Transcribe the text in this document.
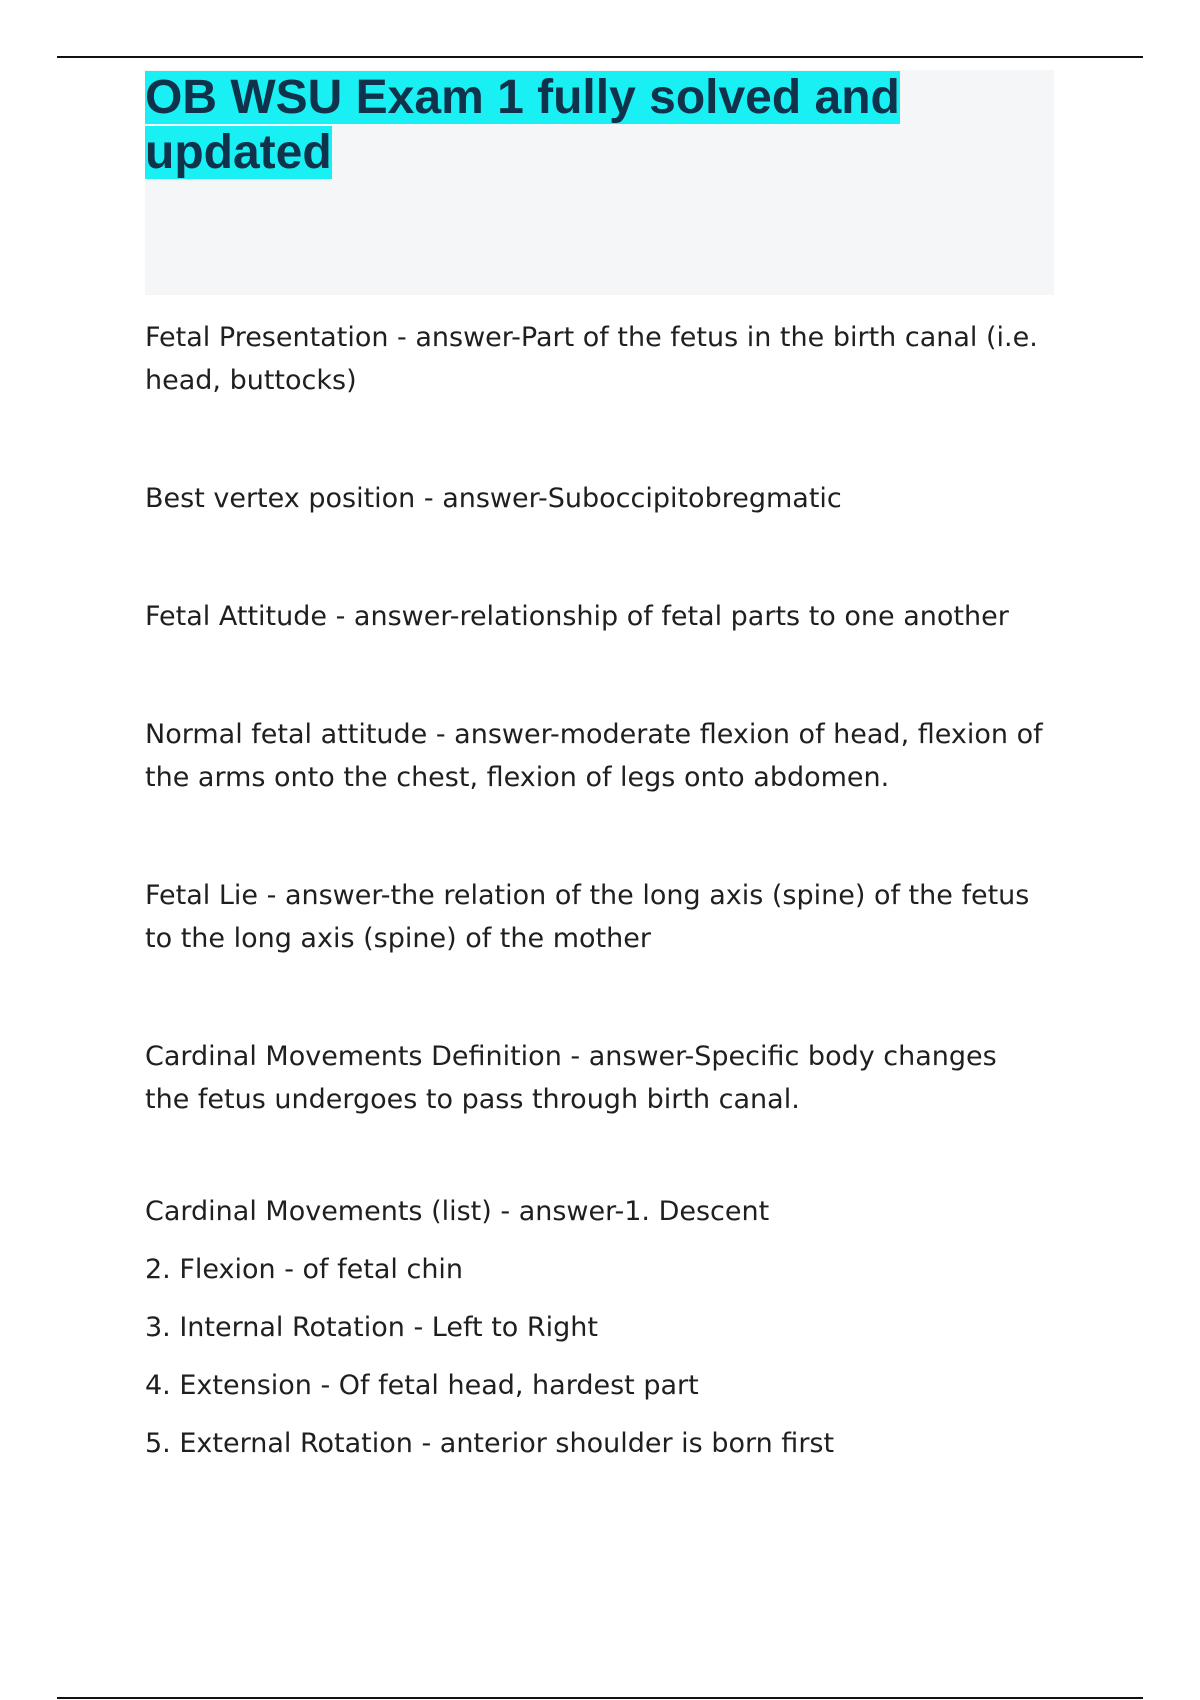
OB WSU Exam 1 fully solved and updated

Fetal Presentation - answer-Part of the fetus in the birth canal (i.e. head, buttocks)

Best vertex position - answer-Suboccipitobregmatic

Fetal Attitude - answer-relationship of fetal parts to one another

Normal fetal attitude - answer-moderate flexion of head, flexion of the arms onto the chest, flexion of legs onto abdomen.

Fetal Lie - answer-the relation of the long axis (spine) of the fetus to the long axis (spine) of the mother

Cardinal Movements Definition - answer-Specific body changes the fetus undergoes to pass through birth canal.

Cardinal Movements (list) - answer-1. Descent

2. Flexion - of fetal chin

3. Internal Rotation - Left to Right

4. Extension - Of fetal head, hardest part

5. External Rotation - anterior shoulder is born first
